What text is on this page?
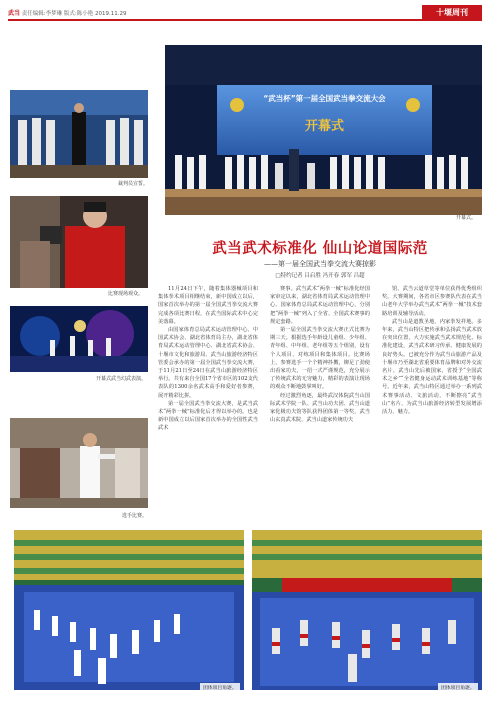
武当 责任编辑:李梦琳 版式:陈小艳 2019.11.29	十堰周刊
“武当杯”第一届全国武当拳交流大会
开幕式
开幕式。
裁判员宣誓。
比赛现场观众。
开幕式武当幻武表演。
选手比赛。
武当武术标准化 仙山论道国际范
——第一届全国武当拳交流大赛掠影
□特约记者 吕启胜 冯开春 郭军 吕超

11月24日下午，随着集体器械项目和集体拳术项目相继结束，新中国成立以后，国家首次举办的第一届全国武当拳交流大赛完成各项比赛日程，在武当国际武术中心完美落幕。

由国家体育总局武术运动管理中心、中国武术协会、湖北省体育局主办，湖北省体育局武术运动管理中心、湖北省武术协会、十堰市文化和旅游局、武当山旅游经济特区管委会承办的第一届全国武当拳交流大赛，于11月21日至24日在武当山旅游经济特区举行。共有来自全国17个省市区的102支代表队的1300余名武术高手和爱好者参赛，展开精彩比拼。

第一届全国武当拳交流大赛，是武当武术“两拳一械”标准化后才得以举办的。也是新中国成立以后国家首次举办的全国性武当武术

赛事。武当武术“两拳一械”标准化经国家审定以来，湖北省体育局武术运动管理中心、国家体育总局武术运动管理中心，分别把“两拳一械”列入了全省、全国武术赛事的规定套路。

第一届全国武当拳交流大赛正式比赛为期三天。根据选手年龄设儿童组、少年组、青年组、中年组、老年组等五个组别，设有个人项目、对练项目和集体项目。比赛场上，参赛选手一个个精神抖擞，铆足了劲使出看家功夫，一招一式严谨规范，充分展示了传统武术的无穷魅力，精彩的表演让现场的观众不断地鼓掌叫好。

经过激烈角逐，最终武汉体院武当山国际武术学院一队、武当山功夫团、武当山道家化极功夫馆等队获得团体第一等奖，武当山玄真武术院、武当山道家传统功夫

馆、武当云道草堂等单位获得优秀组织奖。大赛期间，各省市区参赛队代表在武当山老年大学举办武当武术“两拳一械”技术套路培训及辅导活动。

武当山是道教圣地、内家拳发祥地。多年来，武当山特区把传承和弘扬武当武术放在突出位置，大力实施武当武术规范化、标准化建设，武当武术研习传承、健康发展的良好势头。已被充分作为武当山旅游产品及十堰市乃至湖北省重要体育品牌和对外交流名片。武当山先后被国家、省授予“全国武术之乡”“全省健身运动武术训练基地”等称号。近年来，武当山特区通过举办一系列武术赛事活动、文旅活动，不断擦亮“武当山”名片，为武当山旅游经济转型发展增添活力、魅力。

团体项目角逐。	团体项目角逐。
